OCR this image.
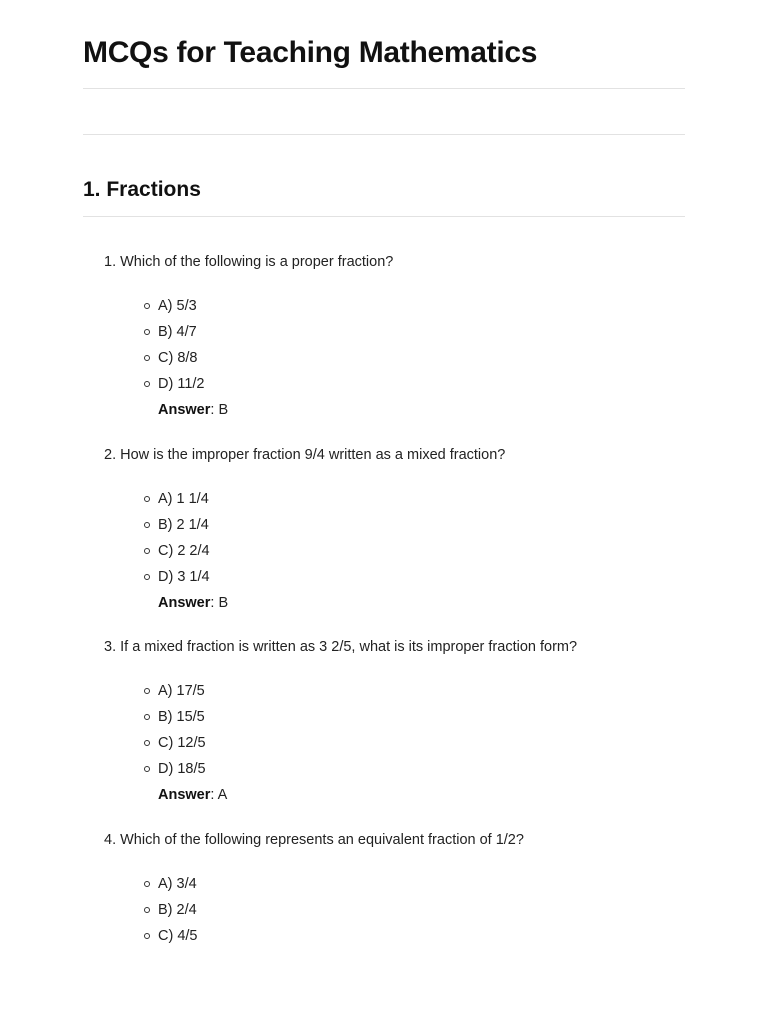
MCQs for Teaching Mathematics
1. Fractions

1. Which of the following is a proper fraction?

A) 5/3
B) 4/7
C) 8/8
D) 11/2

Answer: B

2. How is the improper fraction 9/4 written as a mixed fraction?

A) 1 1/4
B) 2 1/4
C) 2 2/4
D) 3 1/4

Answer: B

3. If a mixed fraction is written as 3 2/5, what is its improper fraction form?

A) 17/5
B) 15/5
C) 12/5
D) 18/5

Answer: A

4. Which of the following represents an equivalent fraction of 1/2?

A) 3/4
B) 2/4
C) 4/5
